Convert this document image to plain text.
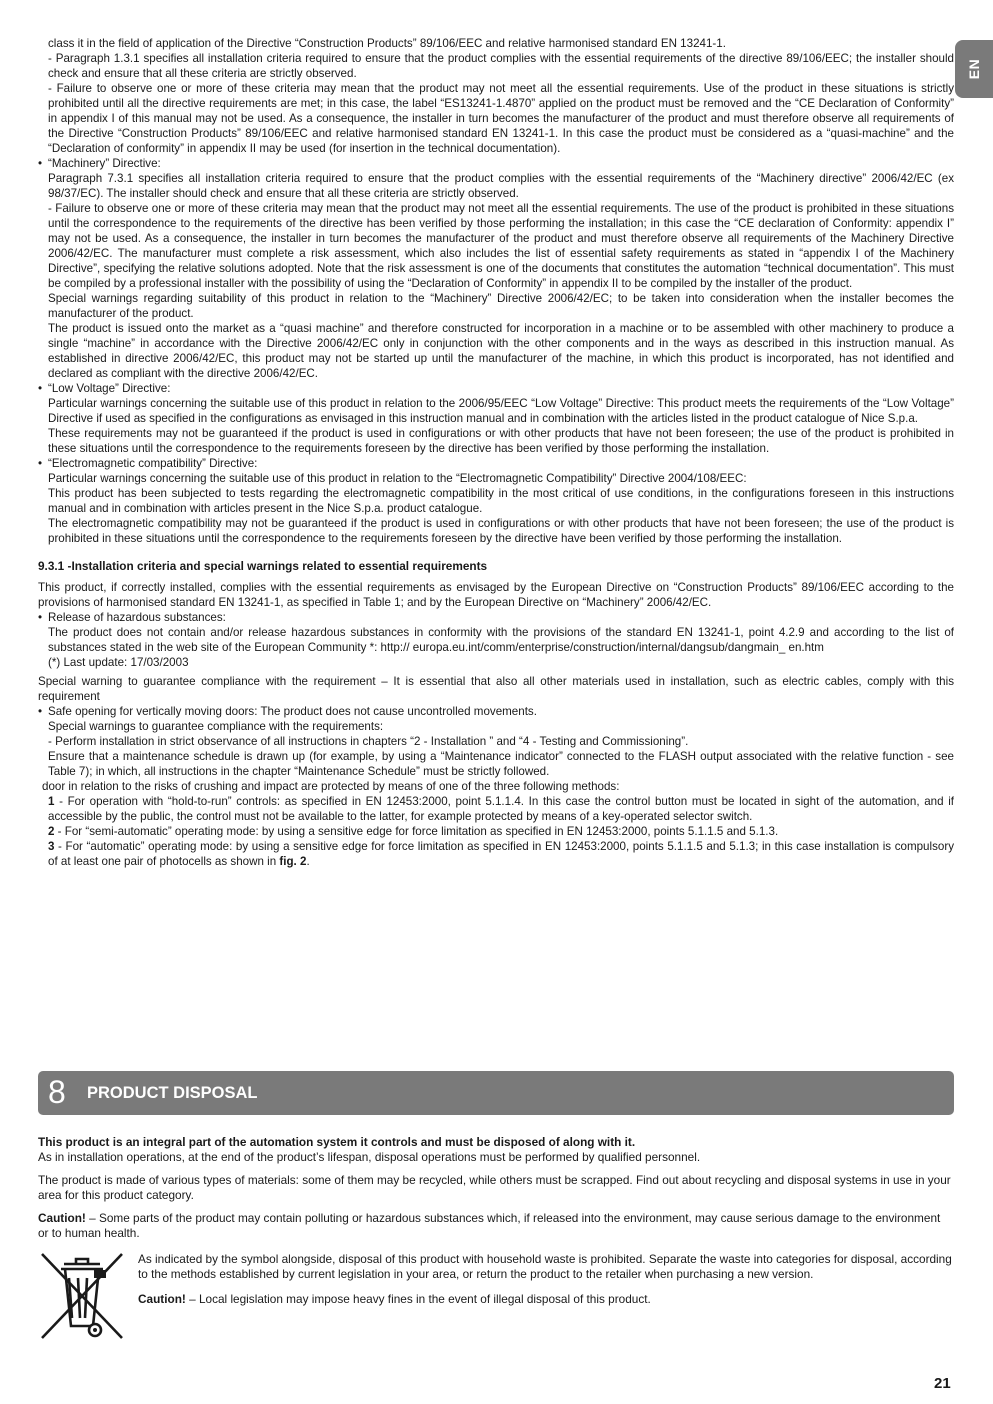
EN

class it in the field of application of the Directive “Construction Products” 89/106/EEC and relative harmonised standard EN 13241-1.

- Paragraph 1.3.1 specifies all installation criteria required to ensure that the product complies with the essential requirements of the directive 89/106/EEC; the installer should check and ensure that all these criteria are strictly observed.

- Failure to observe one or more of these criteria may mean that the product may not meet all the essential requirements. Use of the product in these situations is strictly prohibited until all the directive requirements are met; in this case, the label “ES13241-1.4870” applied on the product must be removed and the “CE Declaration of Conformity” in appendix I of this manual may not be used. As a consequence, the installer in turn becomes the manufacturer of the product and must therefore observe all requirements of the Directive “Construction Products” 89/106/EEC and relative harmonised standard EN 13241-1. In this case the product must be considered as a “quasi-machine” and the “Declaration of conformity” in appendix II may be used (for insertion in the technical documentation).

• “Machinery” Directive:

Paragraph 7.3.1 specifies all installation criteria required to ensure that the product complies with the essential requirements of the “Machinery directive” 2006/42/EC (ex 98/37/EC). The installer should check and ensure that all these criteria are strictly observed.

- Failure to observe one or more of these criteria may mean that the product may not meet all the essential requirements. The use of the product is prohibited in these situations until the correspondence to the requirements of the directive has been verified by those performing the installation; in this case the “CE declaration of Conformity: appendix I” may not be used. As a consequence, the installer in turn becomes the manufacturer of the product and must therefore observe all requirements of the Machinery Directive 2006/42/EC. The manufacturer must complete a risk assessment, which also includes the list of essential safety requirements as stated in “appendix I of the Machinery Directive”, specifying the relative solutions adopted. Note that the risk assessment is one of the documents that constitutes the automation “technical documentation”. This must be compiled by a professional installer with the possibility of using the “Declaration of Conformity” in appendix II to be compiled by the installer of the product.

Special warnings regarding suitability of this product in relation to the “Machinery” Directive 2006/42/EC; to be taken into consideration when the installer becomes the manufacturer of the product.

The product is issued onto the market as a “quasi machine” and therefore constructed for incorporation in a machine or to be assembled with other machinery to produce a single “machine” in accordance with the Directive 2006/42/EC only in conjunction with the other components and in the ways as described in this instruction manual. As established in directive 2006/42/EC, this product may not be started up until the manufacturer of the machine, in which this product is incorporated, has not identified and declared as compliant with the directive 2006/42/EC.

• “Low Voltage” Directive:

Particular warnings concerning the suitable use of this product in relation to the 2006/95/EEC “Low Voltage” Directive: This product meets the requirements of the “Low Voltage” Directive if used as specified in the configurations as envisaged in this instruction manual and in combination with the articles listed in the product catalogue of Nice S.p.a.

These requirements may not be guaranteed if the product is used in configurations or with other products that have not been foreseen; the use of the product is prohibited in these situations until the correspondence to the requirements foreseen by the directive has been verified by those performing the installation.

• “Electromagnetic compatibility” Directive:

Particular warnings concerning the suitable use of this product in relation to the “Electromagnetic Compatibility” Directive 2004/108/EEC:

This product has been subjected to tests regarding the electromagnetic compatibility in the most critical of use conditions, in the configurations foreseen in this instructions manual and in combination with articles present in the Nice S.p.a. product catalogue.

The electromagnetic compatibility may not be guaranteed if the product is used in configurations or with other products that have not been foreseen; the use of the product is prohibited in these situations until the correspondence to the requirements foreseen by the directive have been verified by those performing the installation.

9.3.1 -Installation criteria and special warnings related to essential requirements

This product, if correctly installed, complies with the essential requirements as envisaged by the European Directive on “Construction Products” 89/106/EEC according to the provisions of harmonised standard EN 13241-1, as specified in Table 1; and by the European Directive on “Machinery” 2006/42/EC.

• Release of hazardous substances:

The product does not contain and/or release hazardous substances in conformity with the provisions of the standard EN 13241-1, point 4.2.9 and according to the list of substances stated in the web site of the European Community *: http:// europa.eu.int/comm/enterprise/construction/internal/dangsub/dangmain_ en.htm

(*) Last update: 17/03/2003

Special warning to guarantee compliance with the requirement – It is essential that also all other materials used in installation, such as electric cables, comply with this requirement

• Safe opening for vertically moving doors: The product does not cause uncontrolled movements.

Special warnings to guarantee compliance with the requirements:

- Perform installation in strict observance of all instructions in chapters “2 - Installation ” and “4 - Testing and Commissioning”.

Ensure that a maintenance schedule is drawn up (for example, by using a “Maintenance indicator” connected to the FLASH output associated with the relative function - see Table 7); in which, all instructions in the chapter “Maintenance Schedule” must be strictly followed.

door in relation to the risks of crushing and impact are protected by means of one of the three following methods:

1 - For operation with “hold-to-run” controls: as specified in EN 12453:2000, point 5.1.1.4. In this case the control button must be located in sight of the automation, and if accessible by the public, the control must not be available to the latter, for example protected by means of a key-operated selector switch.

2 - For “semi-automatic” operating mode: by using a sensitive edge for force limitation as specified in EN 12453:2000, points 5.1.1.5 and 5.1.3.

3 - For “automatic” operating mode: by using a sensitive edge for force limitation as specified in EN 12453:2000, points 5.1.1.5 and 5.1.3; in this case installation is compulsory of at least one pair of photocells as shown in fig. 2.

8 PRODUCT DISPOSAL

This product is an integral part of the automation system it controls and must be disposed of along with it.

As in installation operations, at the end of the product’s lifespan, disposal operations must be performed by qualified personnel.

The product is made of various types of materials: some of them may be recycled, while others must be scrapped. Find out about recycling and disposal systems in use in your area for this product category.

Caution! – Some parts of the product may contain polluting or hazardous substances which, if released into the environment, may cause serious damage to the environment or to human health.

As indicated by the symbol alongside, disposal of this product with household waste is prohibited. Separate the waste into categories for disposal, according to the methods established by current legislation in your area, or return the product to the retailer when purchasing a new version.

Caution! – Local legislation may impose heavy fines in the event of illegal disposal of this product.

21
